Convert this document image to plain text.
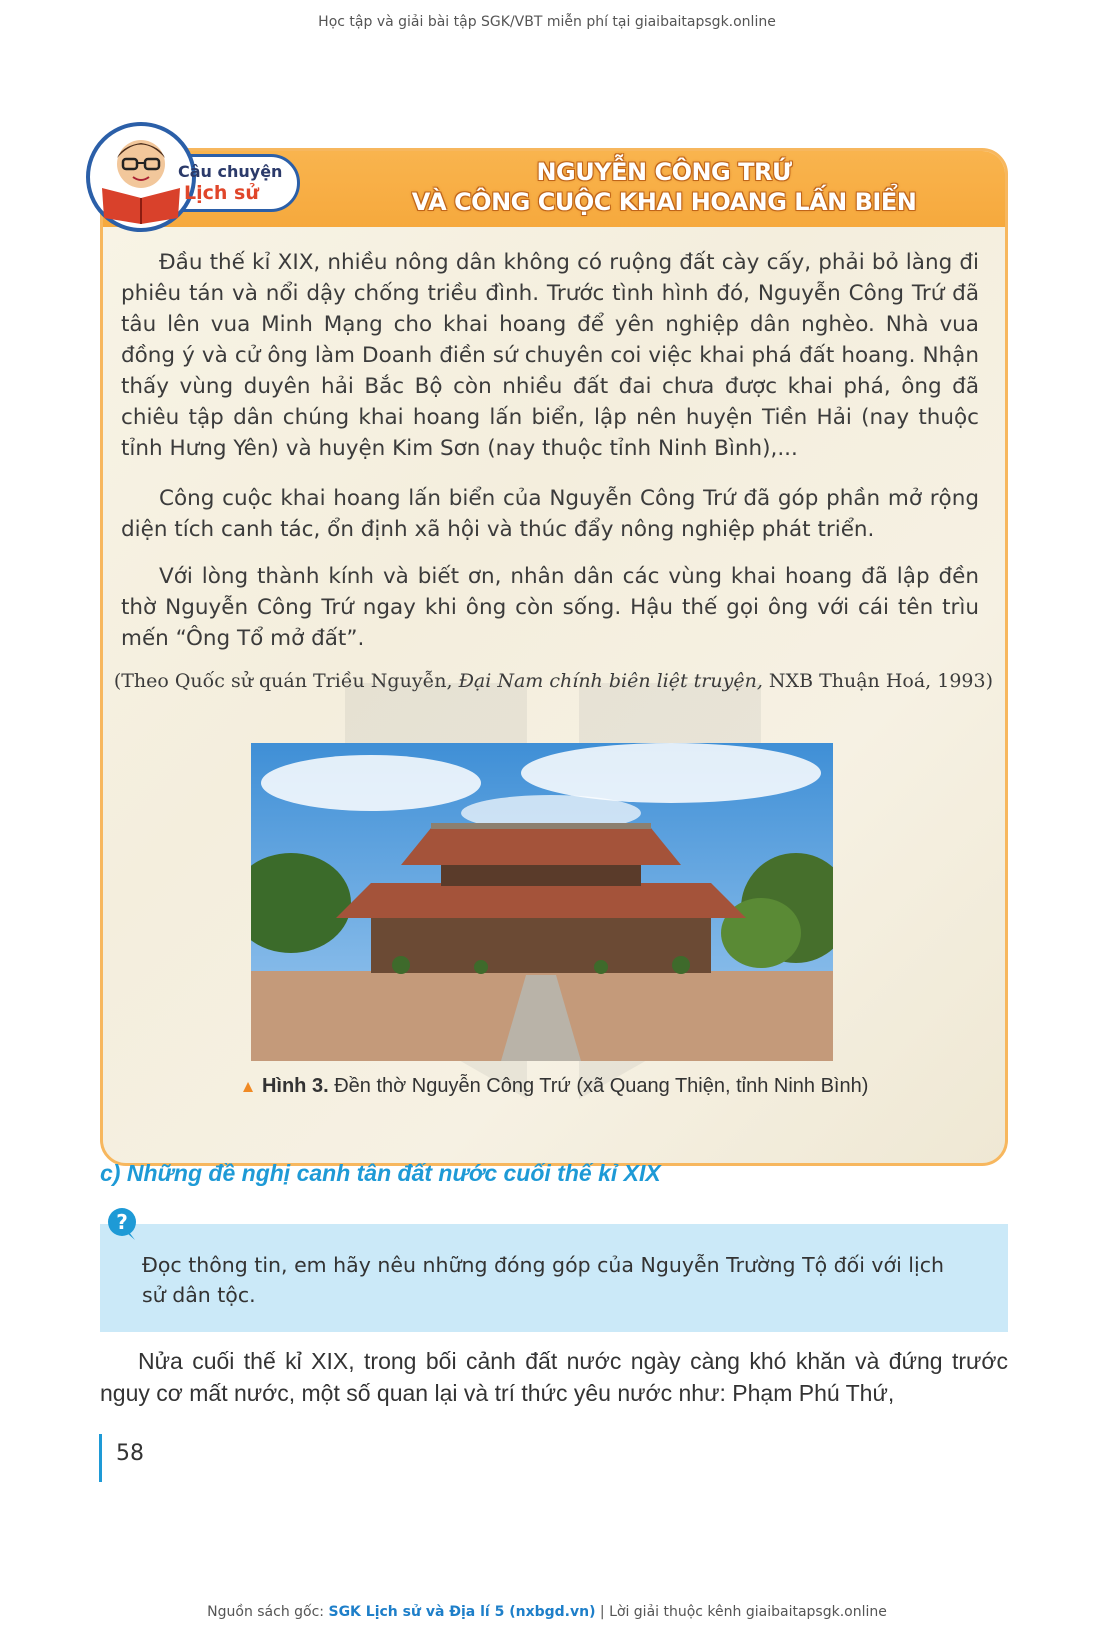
Học tập và giải bài tập SGK/VBT miễn phí tại giaibaitapsgk.online
NGUYỄN CÔNG TRỨ
VÀ CÔNG CUỘC KHAI HOANG LẤN BIỂN

Đầu thế kỉ XIX, nhiều nông dân không có ruộng đất cày cấy, phải bỏ làng đi phiêu tán và nổi dậy chống triều đình. Trước tình hình đó, Nguyễn Công Trứ đã tâu lên vua Minh Mạng cho khai hoang để yên nghiệp dân nghèo. Nhà vua đồng ý và cử ông làm Doanh điền sứ chuyên coi việc khai phá đất hoang. Nhận thấy vùng duyên hải Bắc Bộ còn nhiều đất đai chưa được khai phá, ông đã chiêu tập dân chúng khai hoang lấn biển, lập nên huyện Tiền Hải (nay thuộc tỉnh Hưng Yên) và huyện Kim Sơn (nay thuộc tỉnh Ninh Bình),...

Công cuộc khai hoang lấn biển của Nguyễn Công Trứ đã góp phần mở rộng diện tích canh tác, ổn định xã hội và thúc đẩy nông nghiệp phát triển.

Với lòng thành kính và biết ơn, nhân dân các vùng khai hoang đã lập đền thờ Nguyễn Công Trứ ngay khi ông còn sống. Hậu thế gọi ông với cái tên trìu mến “Ông Tổ mở đất”.

(Theo Quốc sử quán Triều Nguyễn, Đại Nam chính biên liệt truyện, NXB Thuận Hoá, 1993)
▲ Hình 3. Đền thờ Nguyễn Công Trứ (xã Quang Thiện, tỉnh Ninh Bình)
Câu chuyện
Lịch sử
c) Những đề nghị canh tân đất nước cuối thế kỉ XIX
Đọc thông tin, em hãy nêu những đóng góp của Nguyễn Trường Tộ đối với lịch sử dân tộc.
?

Nửa cuối thế kỉ XIX, trong bối cảnh đất nước ngày càng khó khăn và đứng trước nguy cơ mất nước, một số quan lại và trí thức yêu nước như: Phạm Phú Thứ,

58
Nguồn sách gốc: SGK Lịch sử và Địa lí 5 (nxbgd.vn) | Lời giải thuộc kênh giaibaitapsgk.online
